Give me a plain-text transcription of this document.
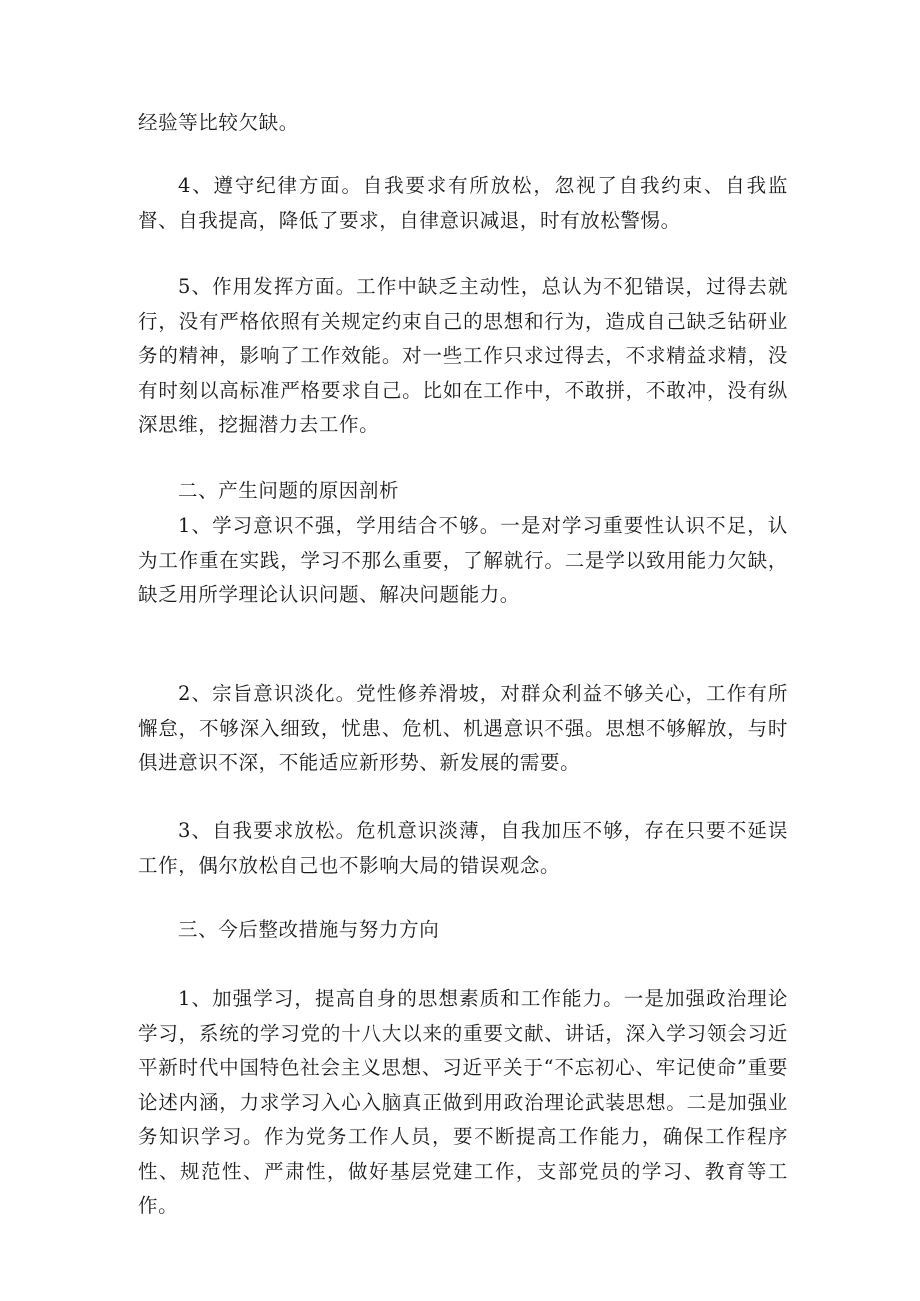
经验等比较欠缺。

4、遵守纪律方面。自我要求有所放松，忽视了自我约束、自我监督、自我提高，降低了要求，自律意识减退，时有放松警惕。

5、作用发挥方面。工作中缺乏主动性，总认为不犯错误，过得去就行，没有严格依照有关规定约束自己的思想和行为，造成自己缺乏钻研业务的精神，影响了工作效能。对一些工作只求过得去，不求精益求精，没有时刻以高标准严格要求自己。比如在工作中，不敢拼，不敢冲，没有纵深思维，挖掘潜力去工作。

二、产生问题的原因剖析

1、学习意识不强，学用结合不够。一是对学习重要性认识不足，认为工作重在实践，学习不那么重要，了解就行。二是学以致用能力欠缺，缺乏用所学理论认识问题、解决问题能力。

2、宗旨意识淡化。党性修养滑坡，对群众利益不够关心，工作有所懈怠，不够深入细致，忧患、危机、机遇意识不强。思想不够解放，与时俱进意识不深，不能适应新形势、新发展的需要。

3、自我要求放松。危机意识淡薄，自我加压不够，存在只要不延误工作，偶尔放松自己也不影响大局的错误观念。

三、今后整改措施与努力方向

1、加强学习，提高自身的思想素质和工作能力。一是加强政治理论学习，系统的学习党的十八大以来的重要文献、讲话，深入学习领会习近平新时代中国特色社会主义思想、习近平关于“不忘初心、牢记使命”重要论述内涵，力求学习入心入脑真正做到用政治理论武装思想。二是加强业务知识学习。作为党务工作人员，要不断提高工作能力，确保工作程序性、规范性、严肃性，做好基层党建工作，支部党员的学习、教育等工作。
